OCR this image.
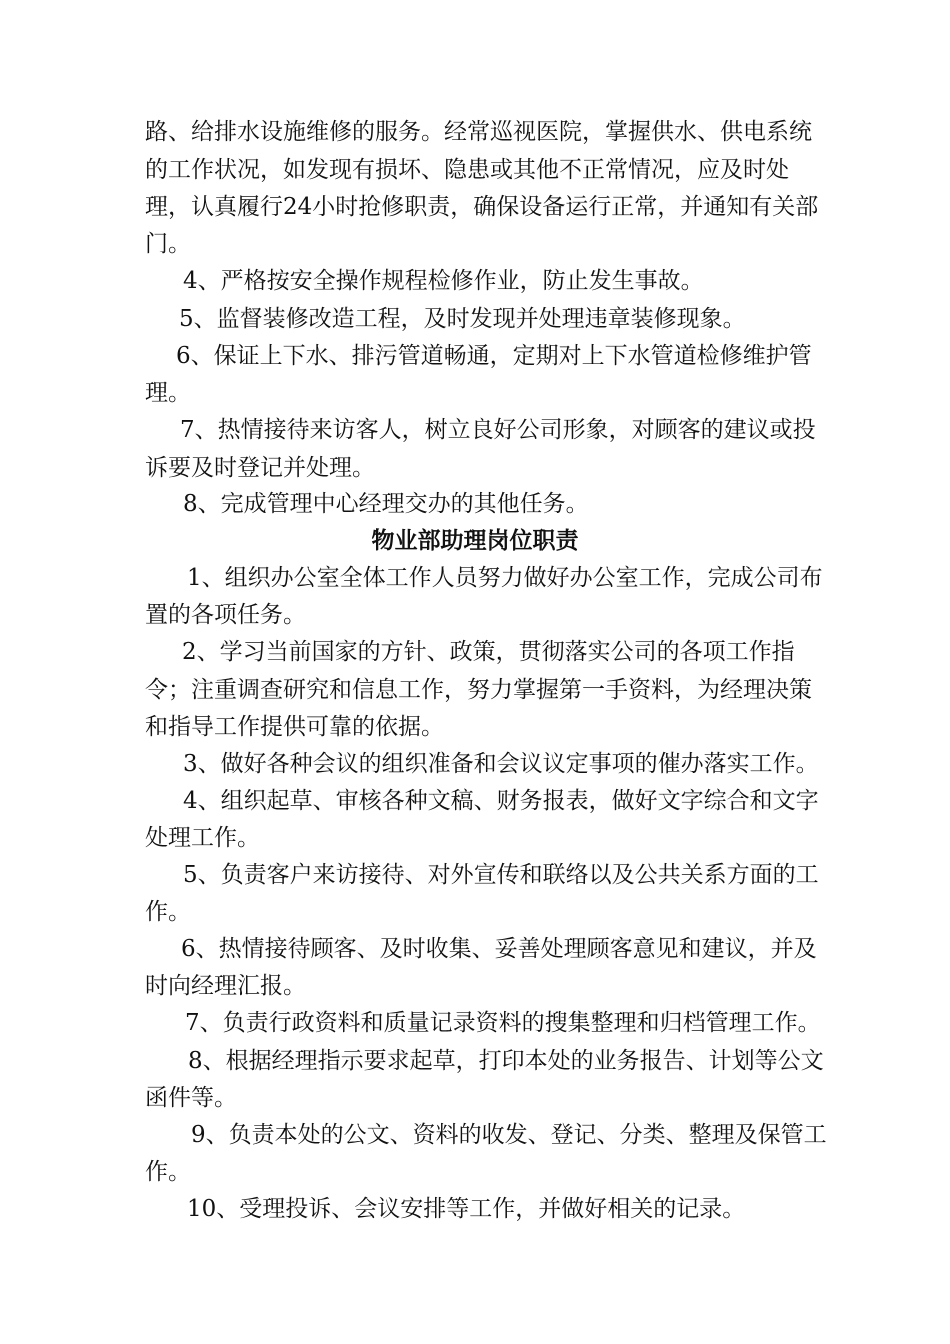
路、给排水设施维修的服务。经常巡视医院，掌握供水、供电系统
的工作状况，如发现有损坏、隐患或其他不正常情况，应及时处
理，认真履行24小时抢修职责，确保设备运行正常，并通知有关部
门。
4、严格按安全操作规程检修作业，防止发生事故。
5、监督装修改造工程，及时发现并处理违章装修现象。
6、保证上下水、排污管道畅通，定期对上下水管道检修维护管
理。
7、热情接待来访客人，树立良好公司形象，对顾客的建议或投
诉要及时登记并处理。
8、完成管理中心经理交办的其他任务。
物业部助理岗位职责
1、组织办公室全体工作人员努力做好办公室工作，完成公司布
置的各项任务。
2、学习当前国家的方针、政策，贯彻落实公司的各项工作指
令；注重调查研究和信息工作，努力掌握第一手资料，为经理决策
和指导工作提供可靠的依据。
3、做好各种会议的组织准备和会议议定事项的催办落实工作。
4、组织起草、审核各种文稿、财务报表，做好文字综合和文字
处理工作。
5、负责客户来访接待、对外宣传和联络以及公共关系方面的工
作。
6、热情接待顾客、及时收集、妥善处理顾客意见和建议，并及
时向经理汇报。
7、负责行政资料和质量记录资料的搜集整理和归档管理工作。
8、根据经理指示要求起草，打印本处的业务报告、计划等公文
函件等。
9、负责本处的公文、资料的收发、登记、分类、整理及保管工
作。
10、受理投诉、会议安排等工作，并做好相关的记录。
